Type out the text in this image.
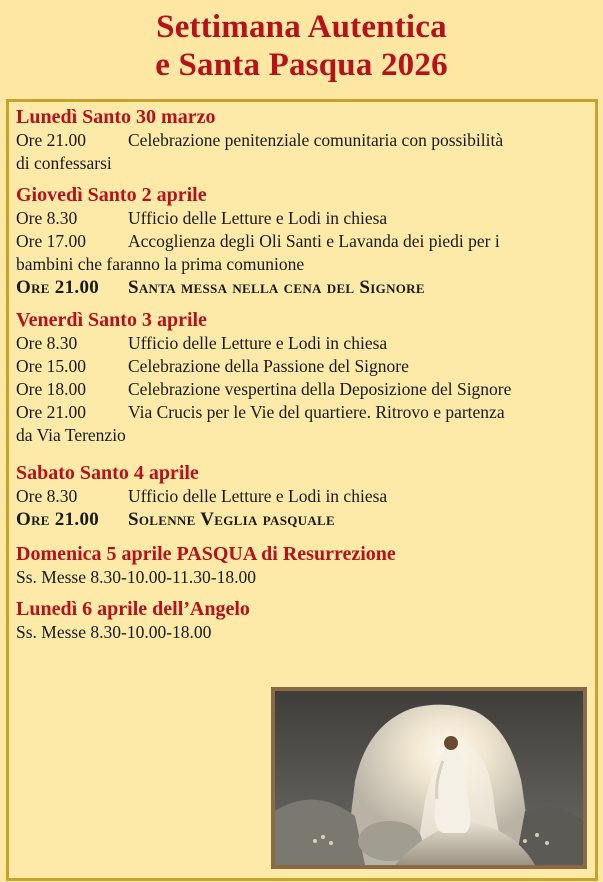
Settimana Autentica
e Santa Pasqua 2026
Lunedì Santo 30 marzo
Ore 21.00	Celebrazione penitenziale comunitaria con possibilità
di confessarsi
Giovedì Santo 2 aprile
Ore 8.30	Ufficio delle Letture e Lodi in chiesa
Ore 17.00	Accoglienza degli Oli Santi e Lavanda dei piedi per i
bambini che faranno la prima comunione
Ore 21.00	Santa messa nella cena del Signore
Venerdì Santo 3 aprile
Ore 8.30	Ufficio delle Letture e Lodi in chiesa
Ore 15.00	Celebrazione della Passione del Signore
Ore 18.00	Celebrazione vespertina della Deposizione del Signore
Ore 21.00	Via Crucis per le Vie del quartiere. Ritrovo e partenza
da Via Terenzio
Sabato Santo 4 aprile
Ore 8.30	Ufficio delle Letture e Lodi in chiesa
Ore 21.00	Solenne Veglia pasquale
Domenica 5 aprile PASQUA di Resurrezione
Ss. Messe 8.30-10.00-11.30-18.00
Lunedì 6 aprile dell’Angelo
Ss. Messe 8.30-10.00-18.00
